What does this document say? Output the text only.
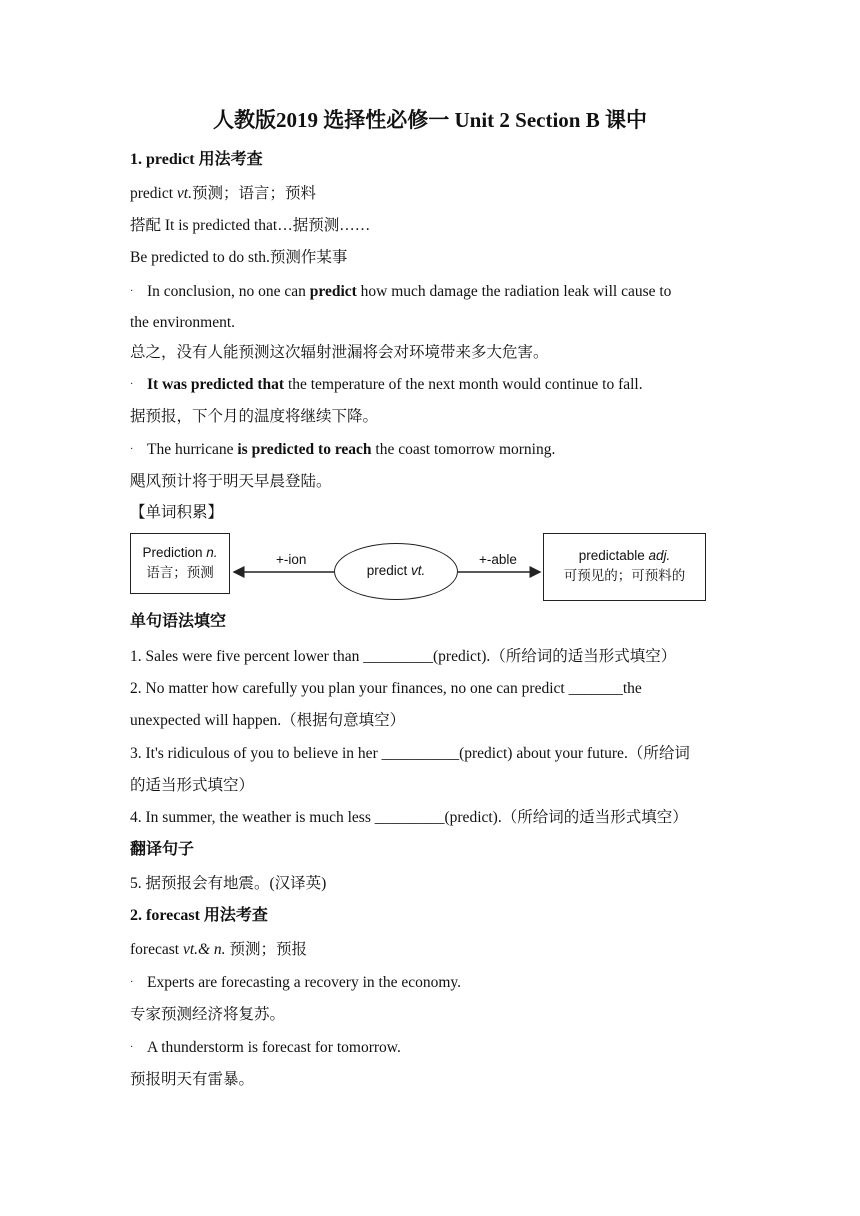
人教版2019 选择性必修一 Unit 2 Section B 课中
1. predict 用法考查
predict vt.预测；语言；预料
搭配 It is predicted that…据预测……
Be predicted to do sth.预测作某事
· In conclusion, no one can predict how much damage the radiation leak will cause to
the environment.
总之，没有人能预测这次辐射泄漏将会对环境带来多大危害。
· It was predicted that the temperature of the next month would continue to fall.
据预报，下个月的温度将继续下降。
· The hurricane is predicted to reach the coast tomorrow morning.
飓风预计将于明天早晨登陆。
【单词积累】
Prediction n.
语言；预测
+-ion
predict vt.
+-able	predictable adj.
可预见的；可预料的
单句语法填空
1. Sales were five percent lower than _________(predict).（所给词的适当形式填空）
2. No matter how carefully you plan your finances, no one can predict _______the
unexpected will happen.（根据句意填空）
3. It's ridiculous of you to believe in her __________(predict) about your future.（所给词
的适当形式填空）
4. In summer, the weather is much less _________(predict).（所给词的适当形式填空）
翻译句子
5. 据预报会有地震。(汉译英)
2. forecast 用法考查
forecast vt.& n. 预测；预报
· Experts are forecasting a recovery in the economy.
专家预测经济将复苏。
· A thunderstorm is forecast for tomorrow.
预报明天有雷暴。
